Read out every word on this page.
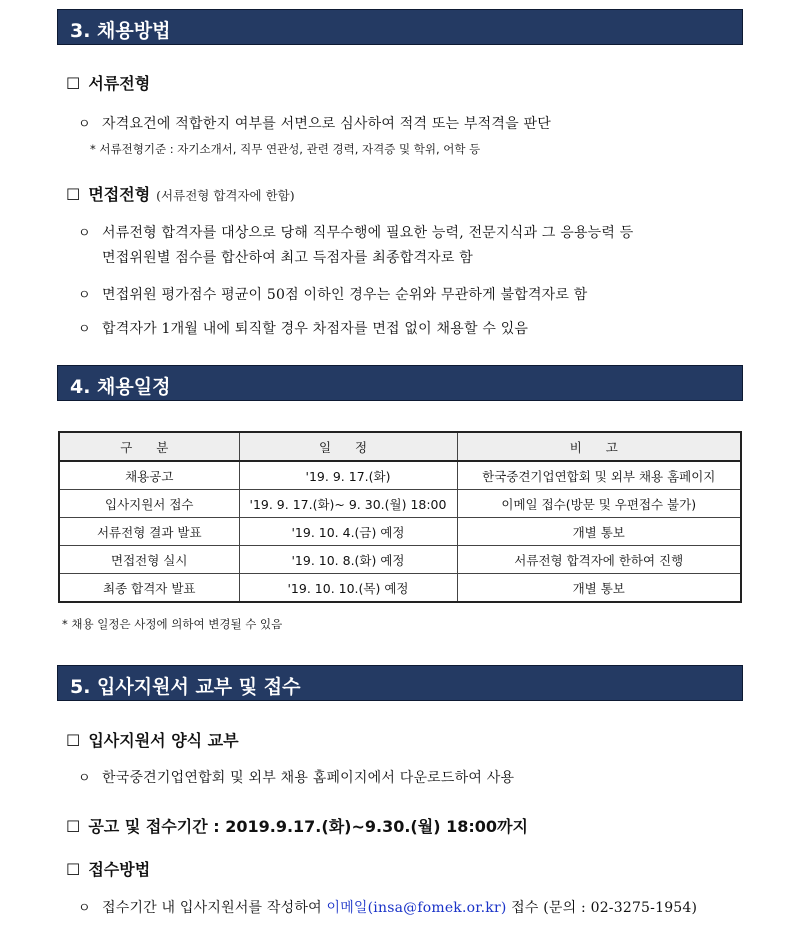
3. 채용방법
☐ 서류전형
ㅇ 자격요건에 적합한지 여부를 서면으로 심사하여 적격 또는 부적격을 판단
* 서류전형기준 : 자기소개서, 직무 연관성, 관련 경력, 자격증 및 학위, 어학 등
☐ 면접전형 (서류전형 합격자에 한함)
ㅇ 서류전형 합격자를 대상으로 당해 직무수행에 필요한 능력, 전문지식과 그 응용능력 등
면접위원별 점수를 합산하여 최고 득점자를 최종합격자로 함
ㅇ 면접위원 평가점수 평균이 50점 이하인 경우는 순위와 무관하게 불합격자로 함
ㅇ 합격자가 1개월 내에 퇴직할 경우 차점자를 면접 없이 채용할 수 있음
4. 채용일정
구 분	일 정	비 고
채용공고	'19. 9. 17.(화)	한국중견기업연합회 및 외부 채용 홈페이지
입사지원서 접수	'19. 9. 17.(화)~ 9. 30.(월) 18:00	이메일 접수(방문 및 우편접수 불가)
서류전형 결과 발표	'19. 10. 4.(금) 예정	개별 통보
면접전형 실시	'19. 10. 8.(화) 예정	서류전형 합격자에 한하여 진행
최종 합격자 발표	'19. 10. 10.(목) 예정	개별 통보
* 채용 일정은 사정에 의하여 변경될 수 있음
5. 입사지원서 교부 및 접수
☐ 입사지원서 양식 교부
ㅇ 한국중견기업연합회 및 외부 채용 홈페이지에서 다운로드하여 사용
☐ 공고 및 접수기간 : 2019.9.17.(화)~9.30.(월) 18:00까지
☐ 접수방법
ㅇ 접수기간 내 입사지원서를 작성하여 이메일(insa@fomek.or.kr) 접수 (문의 : 02-3275-1954)
